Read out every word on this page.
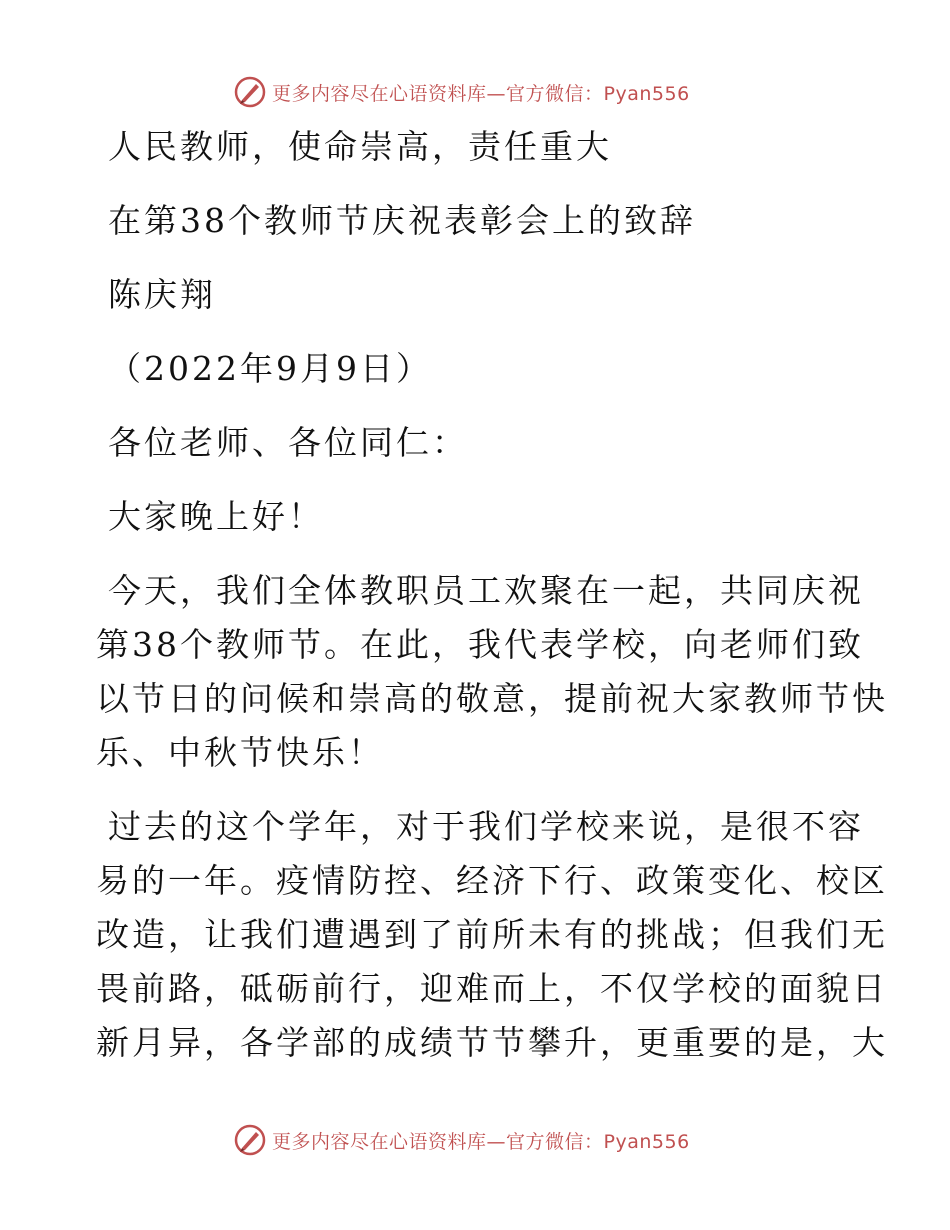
更多内容尽在心语资料库—官方微信：Pyan556
人民教师，使命崇高，责任重大
在第38个教师节庆祝表彰会上的致辞
陈庆翔
（2022年9月9日）
各位老师、各位同仁：
大家晚上好！
今天，我们全体教职员工欢聚在一起，共同庆祝
第38个教师节。在此，我代表学校，向老师们致
以节日的问候和崇高的敬意，提前祝大家教师节快
乐、中秋节快乐！
过去的这个学年，对于我们学校来说，是很不容
易的一年。疫情防控、经济下行、政策变化、校区
改造，让我们遭遇到了前所未有的挑战；但我们无
畏前路，砥砺前行，迎难而上，不仅学校的面貌日
新月异，各学部的成绩节节攀升，更重要的是，大
更多内容尽在心语资料库—官方微信：Pyan556
